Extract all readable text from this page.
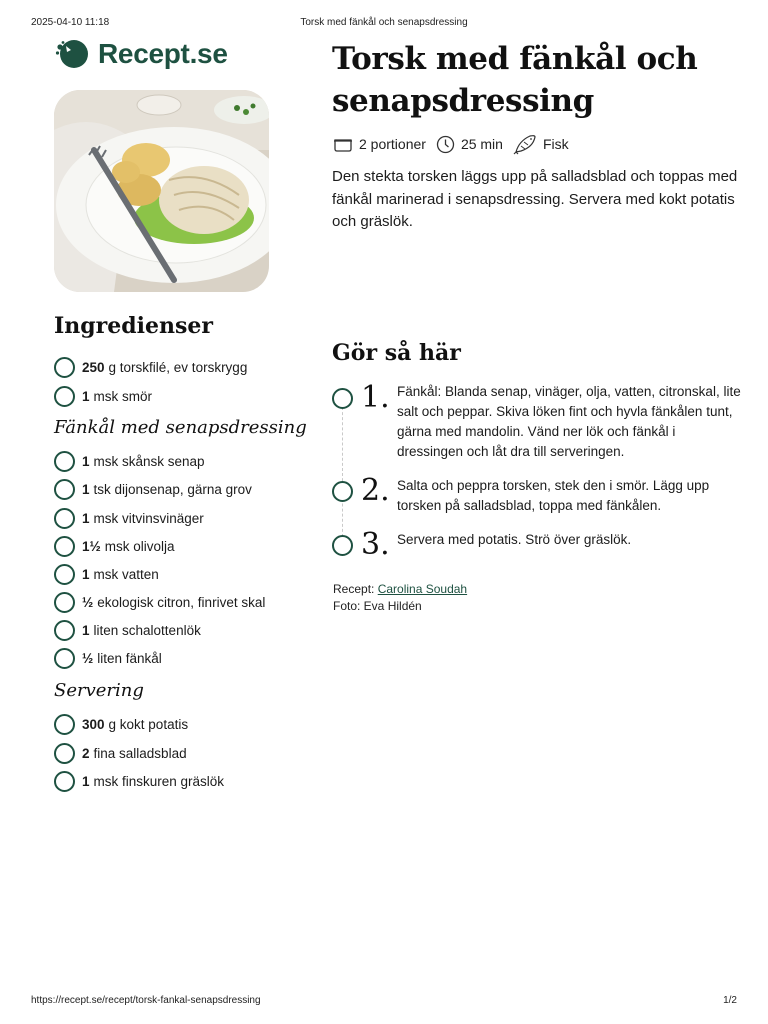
2025-04-10 11:18	Torsk med fänkål och senapsdressing
Recept.se	Torsk med fänkål och senapsdressing
2 portioner	25 min	Fisk

Den stekta torsken läggs upp på salladsblad och toppas med fänkål marinerad i senapsdressing. Servera med kokt potatis och gräslök.

Ingredienser
250 g torskfilé, ev torskrygg
1 msk smör
Fänkål med senapsdressing
1 msk skånsk senap
1 tsk dijonsenap, gärna grov
1 msk vitvinsvinäger
1½ msk olivolja
1 msk vatten
½ ekologisk citron, finrivet skal
1 liten schalottenlök
½ liten fänkål
Servering
300 g kokt potatis
2 fina salladsblad
1 msk finskuren gräslök
Gör så här
1. Fänkål: Blanda senap, vinäger, olja, vatten, citronskal, lite salt och peppar. Skiva löken fint och hyvla fänkålen tunt, gärna med mandolin. Vänd ner lök och fänkål i dressingen och låt dra till serveringen.

2. Salta och peppra torsken, stek den i smör. Lägg upp torsken på salladsblad, toppa med fänkålen.

3. Servera med potatis. Strö över gräslök.

Recept: Carolina Soudah
Foto: Eva Hildén
https://recept.se/recept/torsk-fankal-senapsdressing	1/2
